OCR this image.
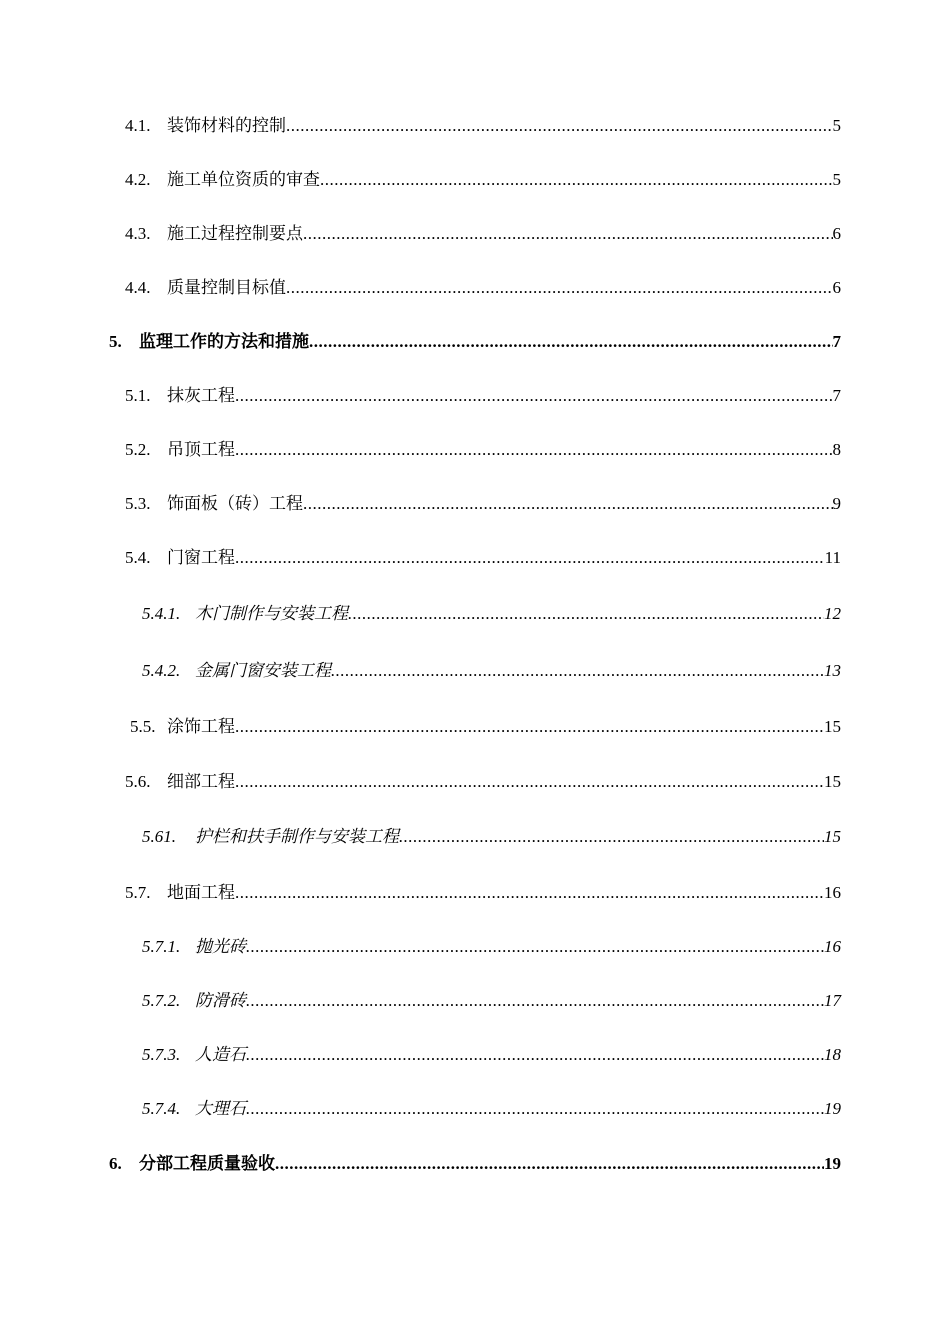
4.1. 装饰材料的控制 .....	5
4.2. 施工单位资质的审查 .....	5
4.3. 施工过程控制要点 .....	6
4.4. 质量控制目标值 .....	6
5.	监理工作的方法和措施 .....	7
5.1. 抹灰工程 .....	7
5.2. 吊顶工程 .....	8
5.3. 饰面板（砖）工程 .....	9
5.4. 门窗工程 .....	11
5.4.1. 木门制作与安装工程 .....	12
5.4.2. 金属门窗安装工程 .....	13
5.5. 涂饰工程 .....	15
5.6. 细部工程 .....	15
5.61.	护栏和扶手制作与安装工程 .....	15
5.7. 地面工程 .....	16
5.7.1. 抛光砖 .....	16
5.7.2. 防滑砖 .....	17
5.7.3. 人造石 .....	18
5.7.4. 大理石 .....	19
6.	分部工程质量验收 .....	19
